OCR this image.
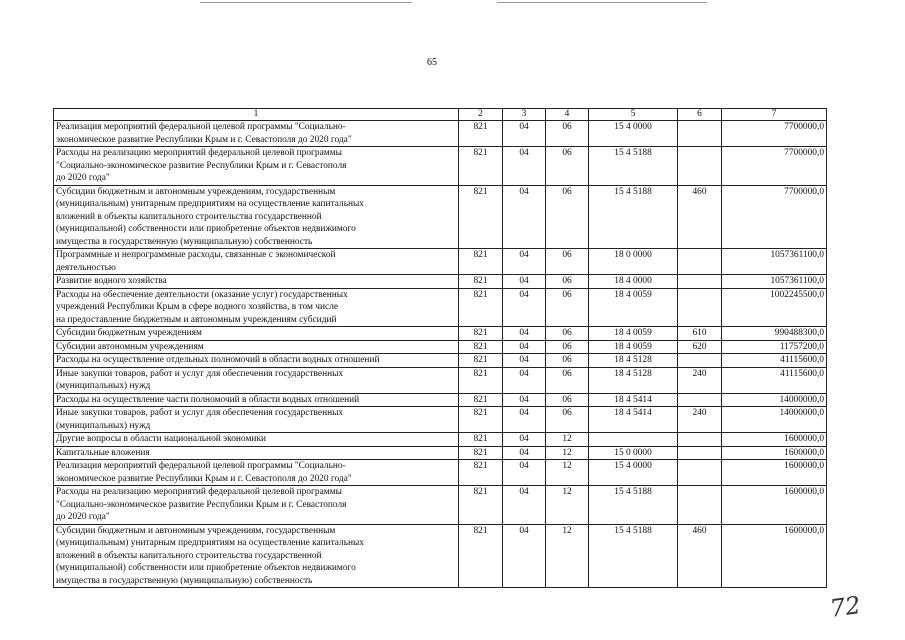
65
1	2	3	4	5	6	7
Реализация мероприятий федеральной целевой программы "Социально-
экономическое развитие Республики Крым и г. Севастополя до 2020 года"	821	04	06	15 4 0000		7700000,0
Расходы на реализацию мероприятий федеральной целевой программы
"Социально-экономическое развитие Республики Крым и г. Севастополя
до 2020 года"	821	04	06	15 4 5188		7700000,0
Субсидии бюджетным и автономным учреждениям, государственным
(муниципальным) унитарным предприятиям на осуществление капитальных
вложений в объекты капитального строительства государственной
(муниципальной) собственности или приобретение объектов недвижимого
имущества в государственную (муниципальную) собственность	821	04	06	15 4 5188	460	7700000,0
Программные и непрограммные расходы, связанные с экономической
деятельностью	821	04	06	18 0 0000		1057361100,0
Развитие водного хозяйства	821	04	06	18 4 0000		1057361100,0
Расходы на обеспечение деятельности (оказание услуг) государственных
учреждений Республики Крым в сфере водного хозяйства, в том числе
на предоставление бюджетным и автономным учреждениям субсидий	821	04	06	18 4 0059		1002245500,0
Субсидии бюджетным учреждениям	821	04	06	18 4 0059	610	990488300,0
Субсидии автономным учреждениям	821	04	06	18 4 0059	620	11757200,0
Расходы на осуществление отдельных полномочий в области водных отношений	821	04	06	18 4 5128		41115600,0
Иные закупки товаров, работ и услуг для обеспечения государственных
(муниципальных) нужд	821	04	06	18 4 5128	240	41115600,0
Расходы на осуществление части полномочий в области водных отношений	821	04	06	18 4 5414		14000000,0
Иные закупки товаров, работ и услуг для обеспечения государственных
(муниципальных) нужд	821	04	06	18 4 5414	240	14000000,0
Другие вопросы в области национальной экономики	821	04	12			1600000,0
Капитальные вложения	821	04	12	15 0 0000		1600000,0
Реализация мероприятий федеральной целевой программы "Социально-
экономическое развитие Республики Крым и г. Севастополя до 2020 года"	821	04	12	15 4 0000		1600000,0
Расходы на реализацию мероприятий федеральной целевой программы
"Социально-экономическое развитие Республики Крым и г. Севастополя
до 2020 года"	821	04	12	15 4 5188		1600000,0
Субсидии бюджетным и автономным учреждениям, государственным
(муниципальным) унитарным предприятиям на осуществление капитальных
вложений в объекты капитального строительства государственной
(муниципальной) собственности или приобретение объектов недвижимого
имущества в государственную (муниципальную) собственность	821	04	12	15 4 5188	460	1600000,0
72
